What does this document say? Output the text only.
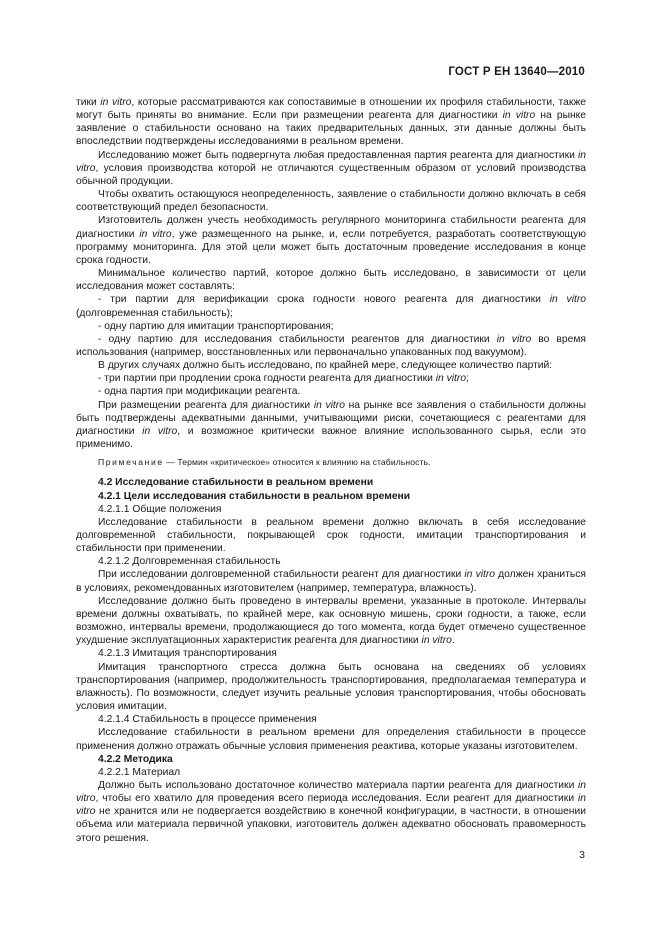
ГОСТ Р ЕН 13640—2010

тики in vitro, которые рассматриваются как сопоставимые в отношении их профиля стабильности, также могут быть приняты во внимание. Если при размещении реагента для диагностики in vitro на рынке заявление о стабильности основано на таких предварительных данных, эти данные должны быть впоследствии подтверждены исследованиями в реальном времени.

Исследованию может быть подвергнута любая предоставленная партия реагента для диагностики in vitro, условия производства которой не отличаются существенным образом от условий производства обычной продукции.

Чтобы охватить остающуюся неопределенность, заявление о стабильности должно включать в себя соответствующий предел безопасности.

Изготовитель должен учесть необходимость регулярного мониторинга стабильности реагента для диагностики in vitro, уже размещенного на рынке, и, если потребуется, разработать соответствующую программу мониторинга. Для этой цели может быть достаточным проведение исследования в конце срока годности.

Минимальное количество партий, которое должно быть исследовано, в зависимости от цели исследования может составлять:

- три партии для верификации срока годности нового реагента для диагностики in vitro (долговременная стабильность);

- одну партию для имитации транспортирования;

- одну партию для исследования стабильности реагентов для диагностики in vitro во время использования (например, восстановленных или первоначально упакованных под вакуумом).

В других случаях должно быть исследовано, по крайней мере, следующее количество партий:

- три партии при продлении срока годности реагента для диагностики in vitro;

- одна партия при модификации реагента.

При размещении реагента для диагностики in vitro на рынке все заявления о стабильности должны быть подтверждены адекватными данными, учитывающими риски, сочетающиеся с реагентами для диагностики in vitro, и возможное критически важное влияние использованного сырья, если это применимо.

Примечание — Термин «критическое» относится к влиянию на стабильность.

4.2 Исследование стабильности в реальном времени

4.2.1 Цели исследования стабильности в реальном времени

4.2.1.1 Общие положения

Исследование стабильности в реальном времени должно включать в себя исследование долговременной стабильности, покрывающей срок годности, имитации транспортирования и стабильности при применении.

4.2.1.2 Долговременная стабильность

При исследовании долговременной стабильности реагент для диагностики in vitro должен храниться в условиях, рекомендованных изготовителем (например, температура, влажность).

Исследование должно быть проведено в интервалы времени, указанные в протоколе. Интервалы времени должны охватывать, по крайней мере, как основную мишень, сроки годности, а также, если возможно, интервалы времени, продолжающиеся до того момента, когда будет отмечено существенное ухудшение эксплуатационных характеристик реагента для диагностики in vitro.

4.2.1.3 Имитация транспортирования

Имитация транспортного стресса должна быть основана на сведениях об условиях транспортирования (например, продолжительность транспортирования, предполагаемая температура и влажность). По возможности, следует изучить реальные условия транспортирования, чтобы обосновать условия имитации.

4.2.1.4 Стабильность в процессе применения

Исследование стабильности в реальном времени для определения стабильности в процессе применения должно отражать обычные условия применения реактива, которые указаны изготовителем.

4.2.2 Методика

4.2.2.1 Материал

Должно быть использовано достаточное количество материала партии реагента для диагностики in vitro, чтобы его хватило для проведения всего периода исследования. Если реагент для диагностики in vitro не хранится или не подвергается воздействию в конечной конфигурации, в частности, в отношении объема или материала первичной упаковки, изготовитель должен адекватно обосновать правомерность этого решения.

3
